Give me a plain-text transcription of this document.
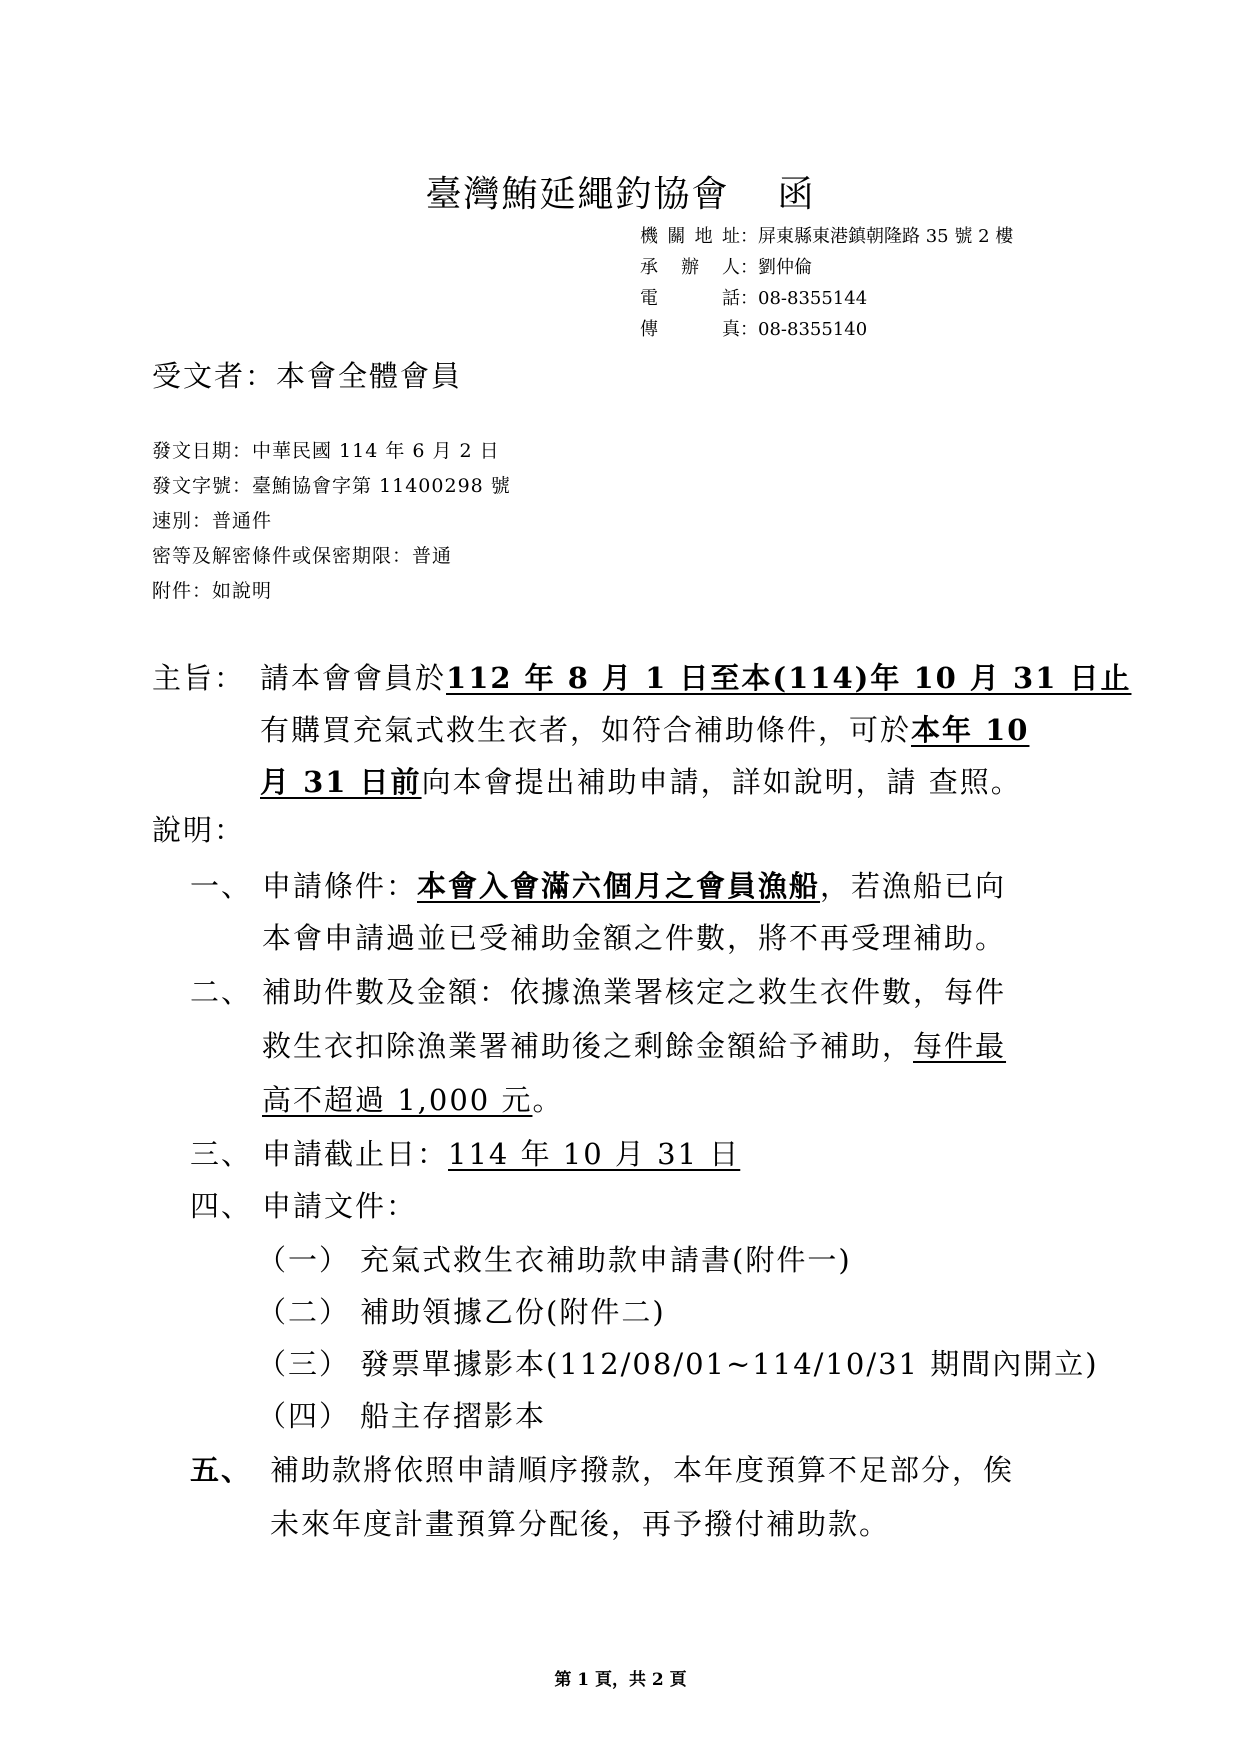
臺灣鮪延繩釣協會 函
機關地址：屏東縣東港鎮朝隆路 35 號 2 樓
承辦人：劉仲倫
電話：08-8355144
傳真：08-8355140
受文者：本會全體會員
發文日期：中華民國 114 年 6 月 2 日
發文字號：臺鮪協會字第 11400298 號
速別：普通件
密等及解密條件或保密期限：普通
附件：如說明
主旨： 請本會會員於112 年 8 月 1 日至本(114)年 10 月 31 日止
有購買充氣式救生衣者，如符合補助條件，可於本年 10
月 31 日前向本會提出補助申請，詳如說明，請 查照。
說明：
一、 申請條件：本會入會滿六個月之會員漁船，若漁船已向
本會申請過並已受補助金額之件數，將不再受理補助。
二、 補助件數及金額：依據漁業署核定之救生衣件數，每件
救生衣扣除漁業署補助後之剩餘金額給予補助，每件最
高不超過 1,000 元。
三、 申請截止日：114 年 10 月 31 日
四、 申請文件：
（一） 充氣式救生衣補助款申請書(附件一)
（二） 補助領據乙份(附件二)
（三） 發票單據影本(112/08/01~114/10/31 期間內開立)
（四） 船主存摺影本
五、 補助款將依照申請順序撥款，本年度預算不足部分，俟
未來年度計畫預算分配後，再予撥付補助款。
第 1 頁，共 2 頁
